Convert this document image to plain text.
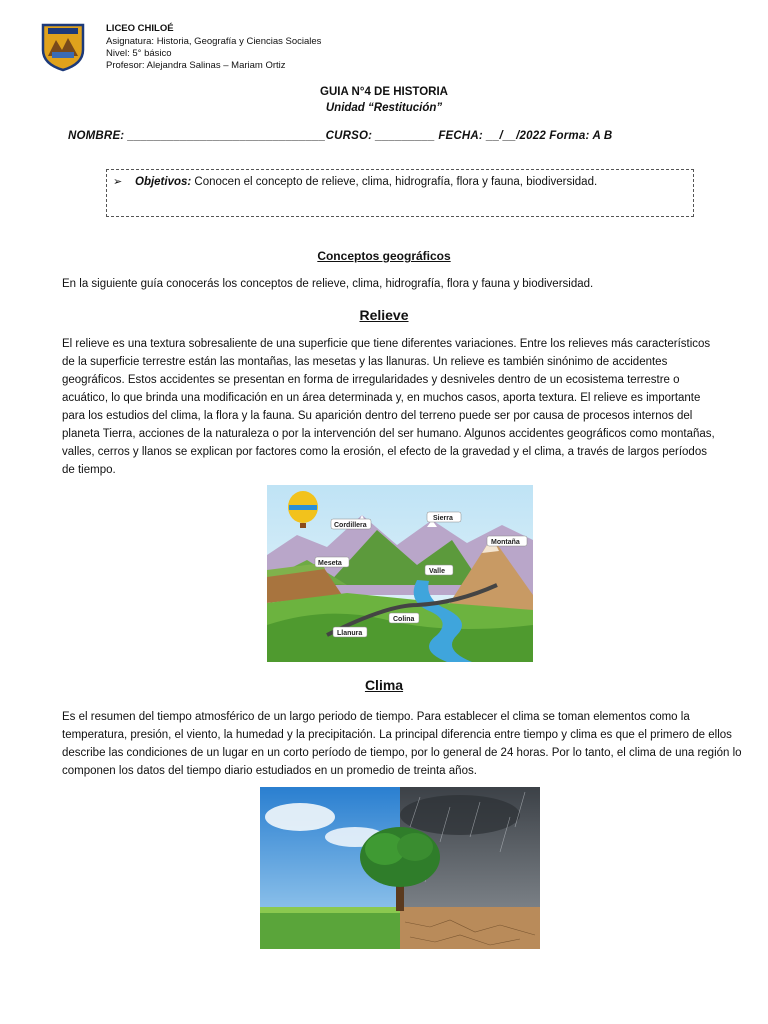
LICEO CHILOÉ
Asignatura: Historia, Geografía y Ciencias Sociales
Nivel: 5° básico
Profesor: Alejandra Salinas – Mariam Ortiz
GUIA N°4 DE HISTORIA
Unidad “Restitución”
NOMBRE: ______________________________CURSO: _________ FECHA: __/__/2022 Forma: A B
➢ Objetivos: Conocen el concepto de relieve, clima, hidrografía, flora y fauna, biodiversidad.
Conceptos geográficos
En la siguiente guía conocerás los conceptos de relieve, clima, hidrografía, flora y fauna y biodiversidad.
Relieve
El relieve es una textura sobresaliente de una superficie que tiene diferentes variaciones. Entre los relieves más característicos de la superficie terrestre están las montañas, las mesetas y las llanuras. Un relieve es también sinónimo de accidentes geográficos. Estos accidentes se presentan en forma de irregularidades y desniveles dentro de un ecosistema terrestre o acuático, lo que brinda una modificación en un área determinada y, en muchos casos, aporta textura. El relieve es importante para los estudios del clima, la flora y la fauna. Su aparición dentro del terreno puede ser por causa de procesos internos del planeta Tierra, acciones de la naturaleza o por la intervención del ser humano. Algunos accidentes geográficos como montañas, valles, cerros y llanos se explican por factores como la erosión, el efecto de la gravedad y el clima, a través de largos períodos de tiempo.
Cordillera
Sierra
Montaña
Meseta
Valle
Colina
Llanura
Clima
Es el resumen del tiempo atmosférico de un largo periodo de tiempo. Para establecer el clima se toman elementos como la temperatura, presión, el viento, la humedad y la precipitación. La principal diferencia entre tiempo y clima es que el primero de ellos describe las condiciones de un lugar en un corto período de tiempo, por lo general de 24 horas. Por lo tanto, el clima de una región lo componen los datos del tiempo diario estudiados en un promedio de treinta años.
